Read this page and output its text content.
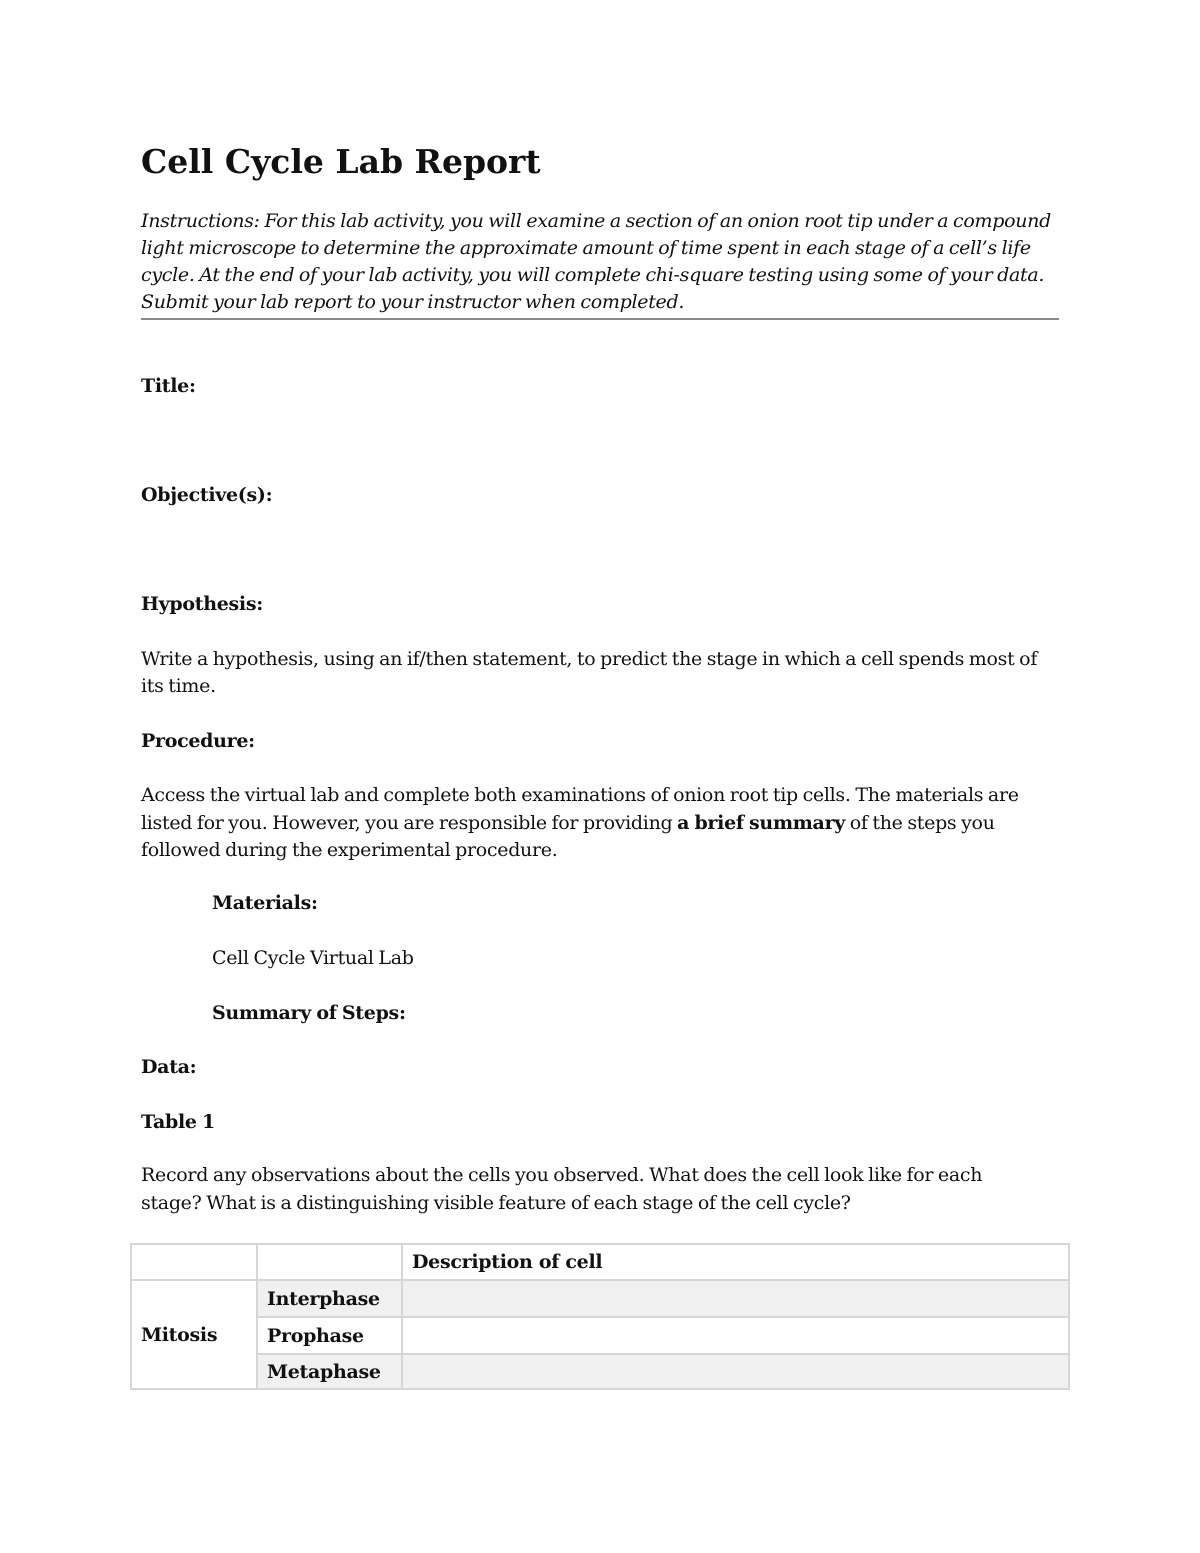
Cell Cycle Lab Report

Instructions: For this lab activity, you will examine a section of an onion root tip under a compound light microscope to determine the approximate amount of time spent in each stage of a cell’s life cycle. At the end of your lab activity, you will complete chi-square testing using some of your data. Submit your lab report to your instructor when completed.

Title:

Objective(s):

Hypothesis:

Write a hypothesis, using an if/then statement, to predict the stage in which a cell spends most of

its time.

Procedure:

Access the virtual lab and complete both examinations of onion root tip cells. The materials are

listed for you. However, you are responsible for providing a brief summary of the steps you

followed during the experimental procedure.

Materials:

Cell Cycle Virtual Lab

Summary of Steps:

Data:

Table 1

Record any observations about the cells you observed. What does the cell look like for each

stage? What is a distinguishing visible feature of each stage of the cell cycle?

		Description of cell
Mitosis	Interphase	
	Prophase	
	Metaphase	
